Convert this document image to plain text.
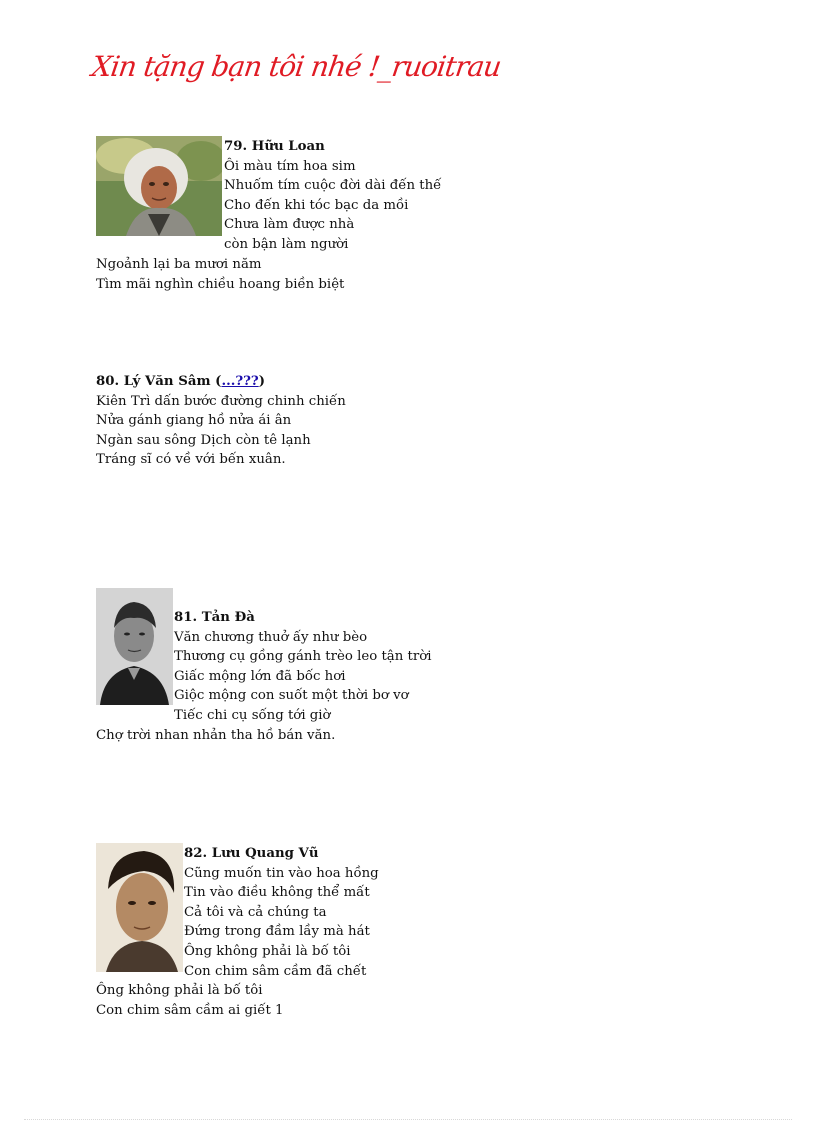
Xin tặng bạn tôi nhé !_ruoitrau
79. Hữu Loan
Ôi màu tím hoa sim
Nhuốm tím cuộc đời dài đến thế
Cho đến khi tóc bạc da mồi
Chưa làm được nhà
còn bận làm người
Ngoảnh lại ba mươi năm
Tìm mãi nghìn chiều hoang biền biệt
80. Lý Văn Sâm (...???)
Kiên Trì dấn bước đường chinh chiến
Nửa gánh giang hồ nửa ái ân
Ngàn sau sông Dịch còn tê lạnh
Tráng sĩ có về với bến xuân.
81. Tản Đà
Văn chương thuở ấy như bèo
Thương cụ gồng gánh trèo leo tận trời
Giấc mộng lớn đã bốc hơi
Giộc mộng con suốt một thời bơ vơ
Tiếc chi cụ sống tới giờ
Chợ trời nhan nhản tha hồ bán văn.
82. Lưu Quang Vũ
Cũng muốn tin vào hoa hồng
Tin vào điều không thể mất
Cả tôi và cả chúng ta
Đứng trong đầm lầy mà hát
Ông không phải là bố tôi
Con chim sâm cầm đã chết
Ông không phải là bố tôi
Con chim sâm cầm ai giết 1
